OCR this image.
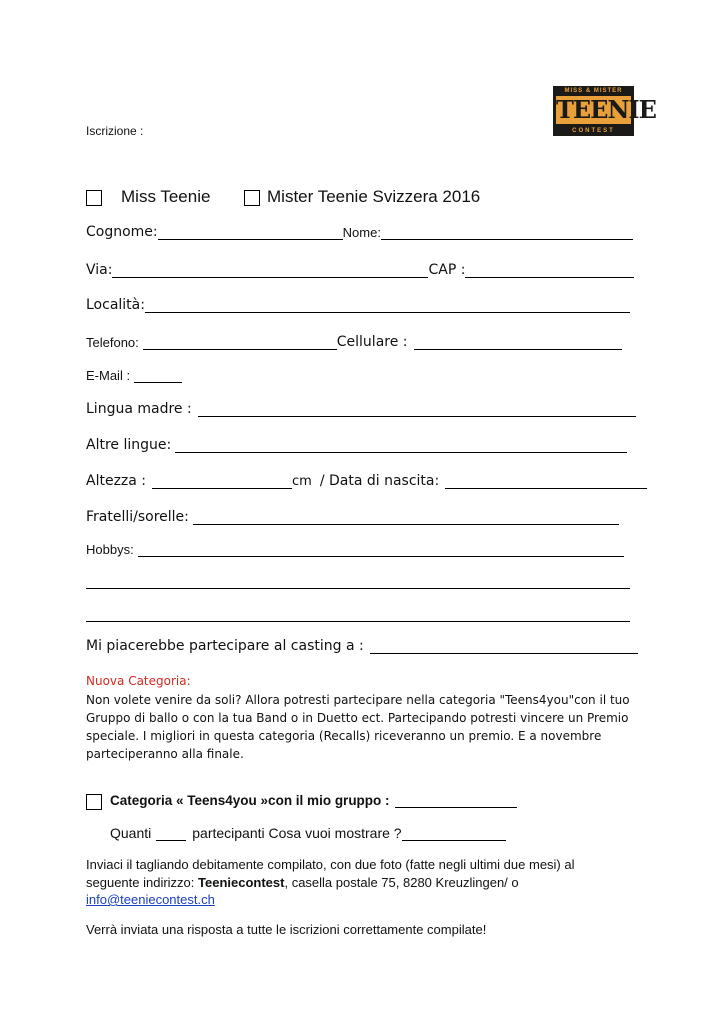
Iscrizione :
MISS & MISTER
TEENIE
CONTEST
Miss Teenie	Mister Teenie Svizzera 2016
Cognome:	Nome:
Via:	CAP :
Località:
Telefono:	Cellulare :
E-Mail :
Lingua madre :
Altre lingue:
Altezza :	cm / Data di nascita:
Fratelli/sorelle:
Hobbys:
Mi piacerebbe partecipare al casting a :
Nuova Categoria:
Non volete venire da soli? Allora potresti partecipare nella categoria "Teens4you"con il tuo Gruppo di ballo o con la tua Band o in Duetto ect. Partecipando potresti vincere un Premio speciale. I migliori in questa categoria (Recalls) riceveranno un premio. E a novembre parteciperanno alla finale.
Categoria « Teens4you »con il mio gruppo :
Quanti	partecipanti Cosa vuoi mostrare ?
Inviaci il tagliando debitamente compilato, con due foto (fatte negli ultimi due mesi) al
seguente indirizzo: Teeniecontest, casella postale 75, 8280 Kreuzlingen/ o
info@teeniecontest.ch
Verrà inviata una risposta a tutte le iscrizioni correttamente compilate!
